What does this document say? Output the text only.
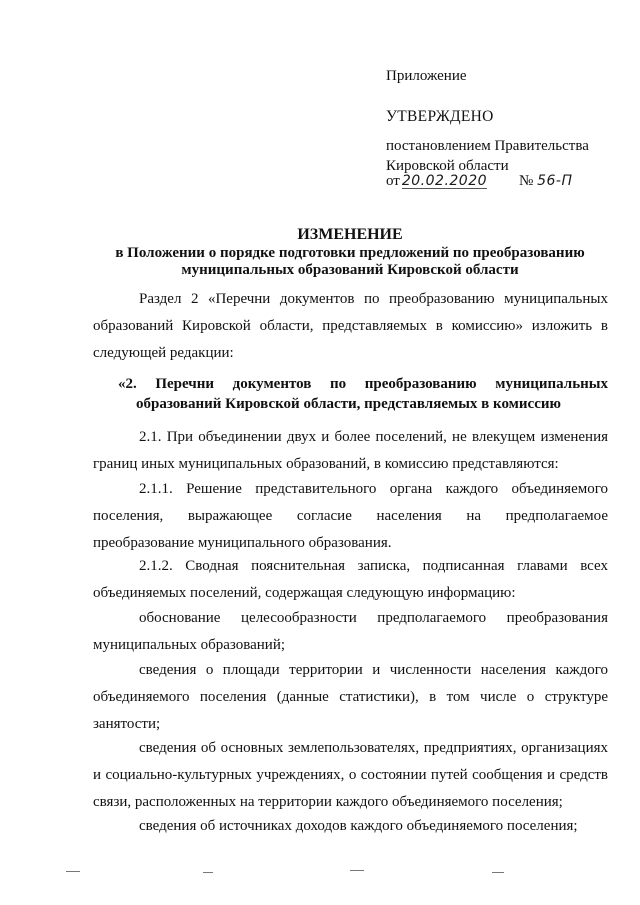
Приложение
УТВЕРЖДЕНО
постановлением Правительства
Кировской области
от 20.02.2020 № 56-П
ИЗМЕНЕНИЕ
в Положении о порядке подготовки предложений по преобразованию
муниципальных образований Кировской области
Раздел 2 «Перечни документов по преобразованию муниципальных образований Кировской области, представляемых в комиссию» изложить в следующей редакции:
«2. Перечни документов по преобразованию муниципальных образований Кировской области, представляемых в комиссию
2.1. При объединении двух и более поселений, не влекущем изменения границ иных муниципальных образований, в комиссию представляются:
2.1.1. Решение представительного органа каждого объединяемого поселения, выражающее согласие населения на предполагаемое преобразование муниципального образования.
2.1.2. Сводная пояснительная записка, подписанная главами всех объединяемых поселений, содержащая следующую информацию:
обоснование целесообразности предполагаемого преобразования муниципальных образований;
сведения о площади территории и численности населения каждого объединяемого поселения (данные статистики), в том числе о структуре занятости;
сведения об основных землепользователях, предприятиях, организациях и социально-культурных учреждениях, о состоянии путей сообщения и средств связи, расположенных на территории каждого объединяемого поселения;
сведения об источниках доходов каждого объединяемого поселения;
